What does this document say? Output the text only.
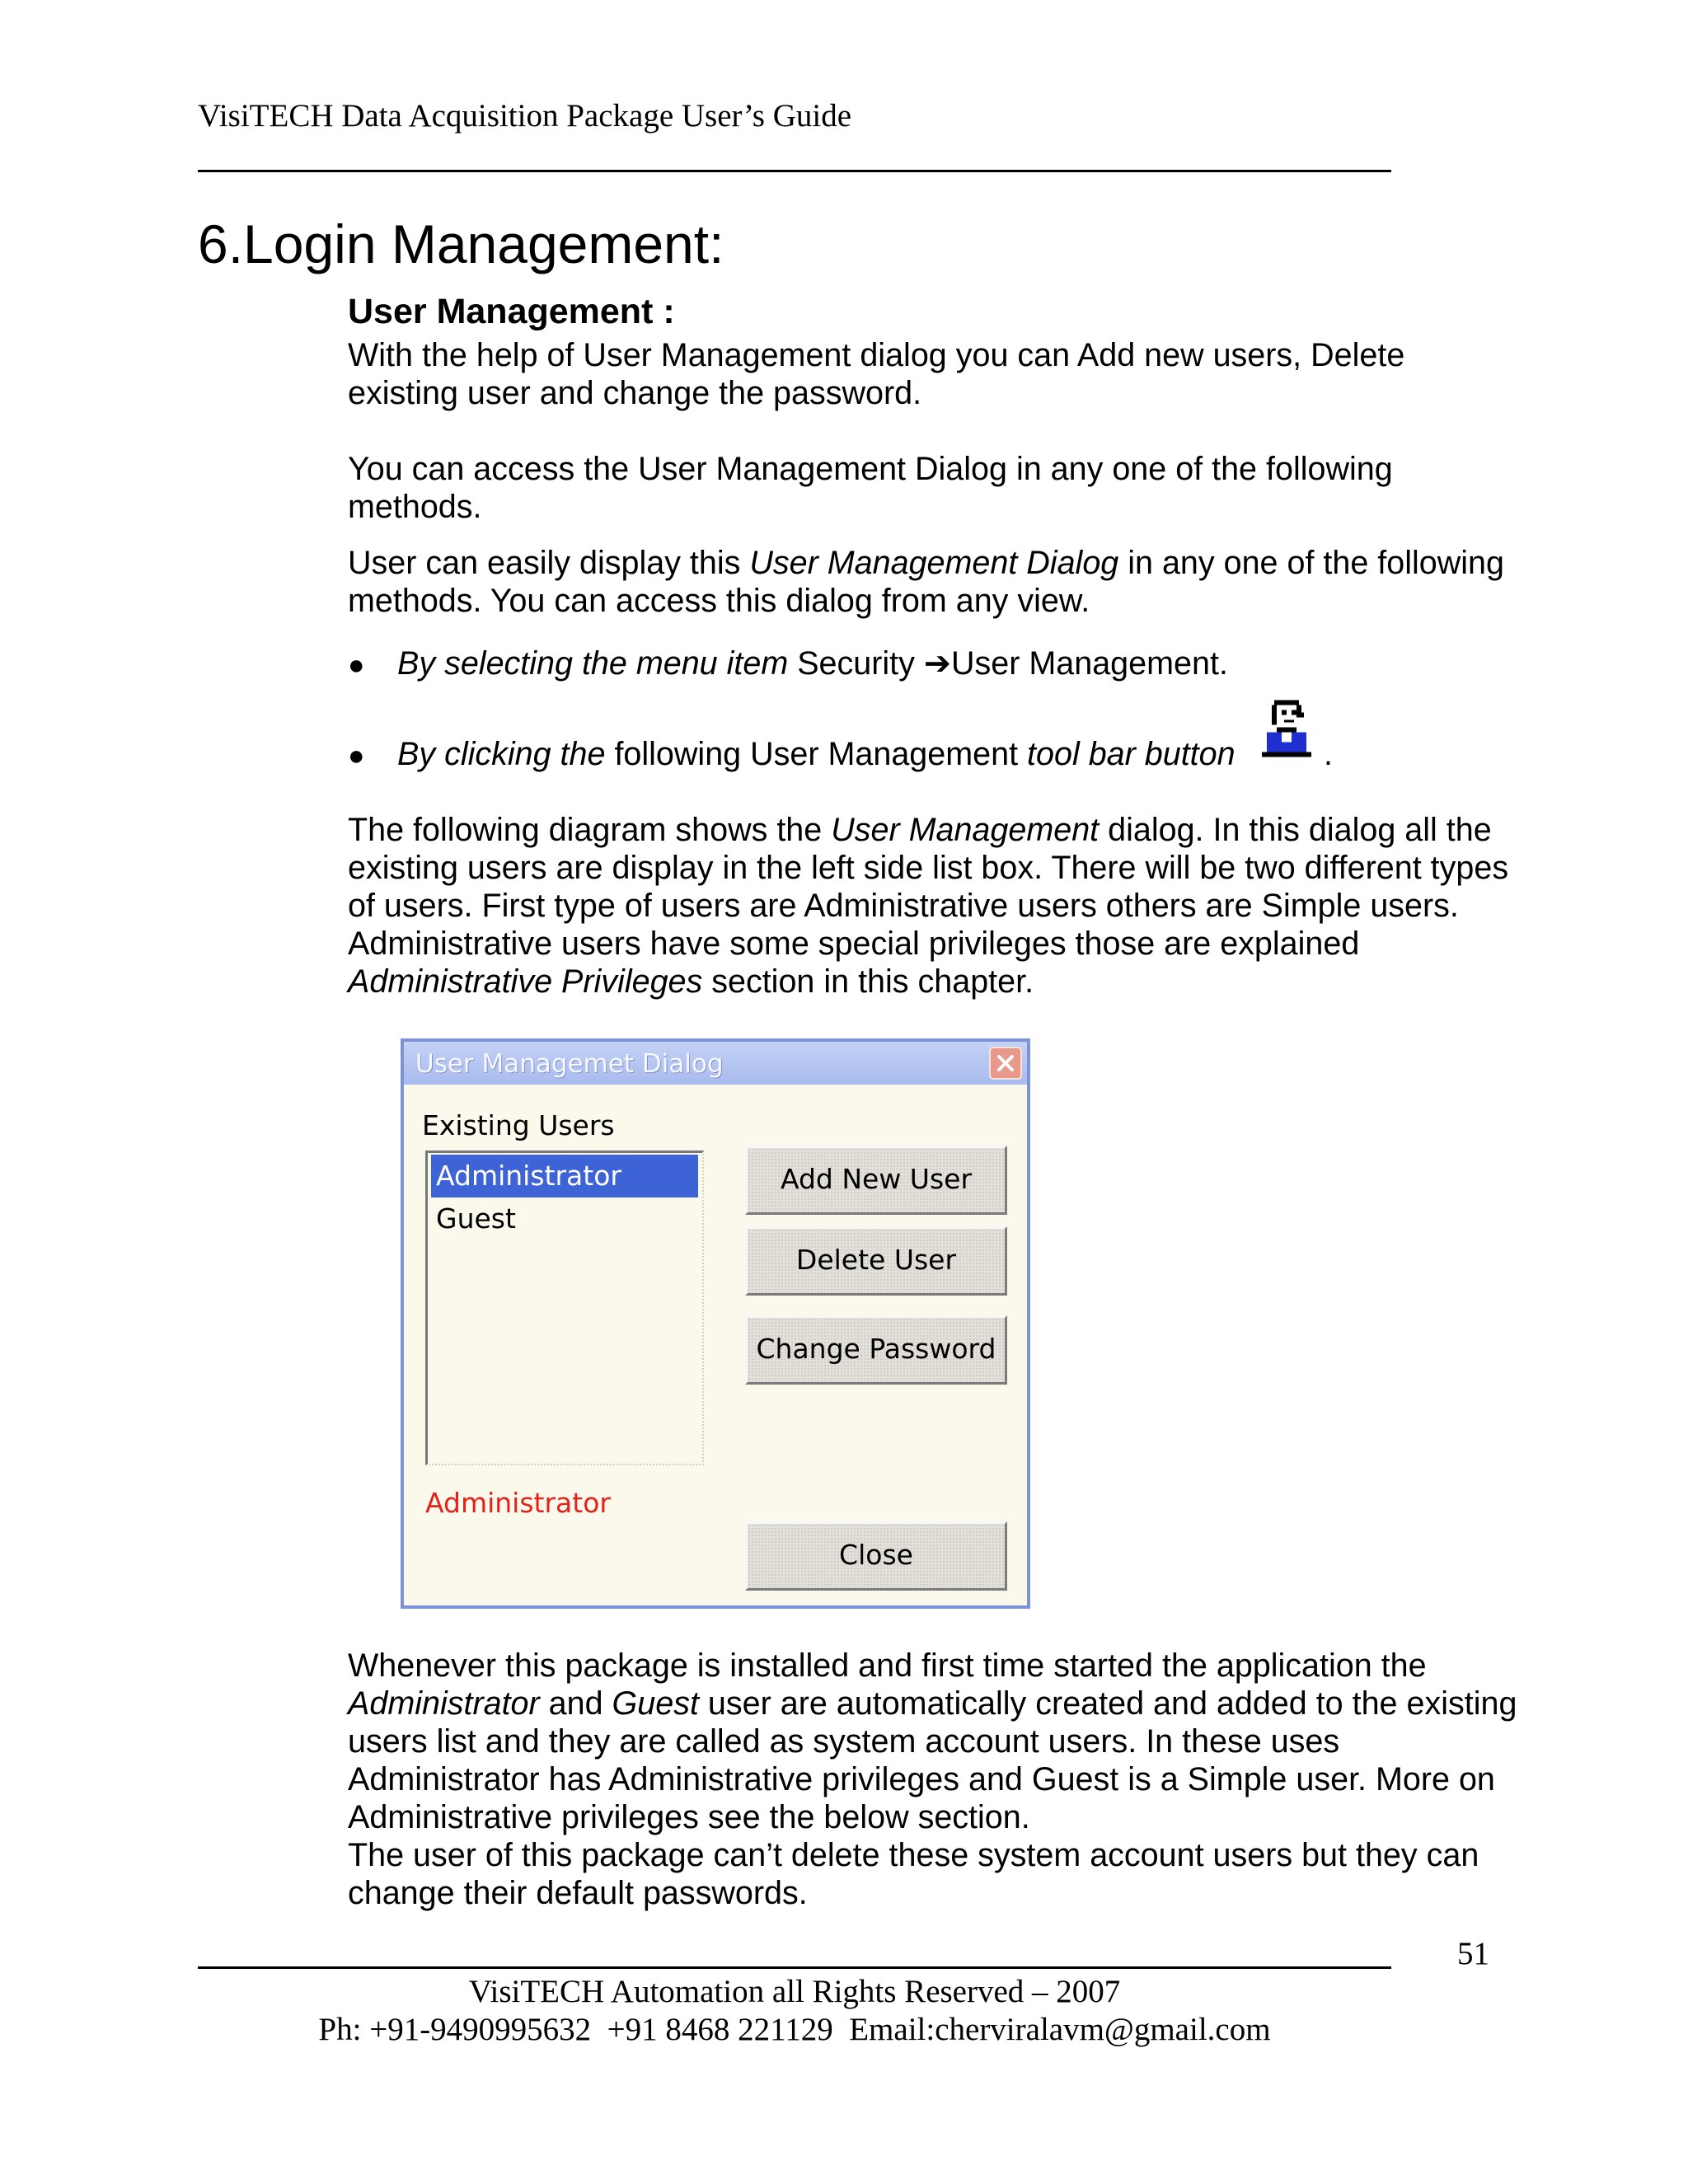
VisiTECH Data Acquisition Package User’s Guide
6.Login Management:
User Management :

With the help of User Management dialog you can Add new users, Delete existing user and change the password.

You can access the User Management Dialog in any one of the following methods.

User can easily display this User Management Dialog in any one of the following methods. You can access this dialog from any view.

● By selecting the menu item Security ➔User Management.

● By clicking the following User Management tool bar button	.

The following diagram shows the User Management dialog. In this dialog all the existing users are display in the left side list box. There will be two different types of users. First type of users are Administrative users others are Simple users. Administrative users have some special privileges those are explained Administrative Privileges section in this chapter.

User Managemet Dialog
Existing Users
Administrator
Guest
Administrator
Add New User
Delete User
Change Password
Close

Whenever this package is installed and first time started the application the Administrator and Guest user are automatically created and added to the existing users list and they are called as system account users. In these uses Administrator has Administrative privileges and Guest is a Simple user. More on Administrative privileges see the below section.

The user of this package can’t delete these system account users but they can change their default passwords.

51
VisiTECH Automation all Rights Reserved – 2007
Ph: +91-9490995632  +91 8468 221129  Email:cherviralavm@gmail.com
